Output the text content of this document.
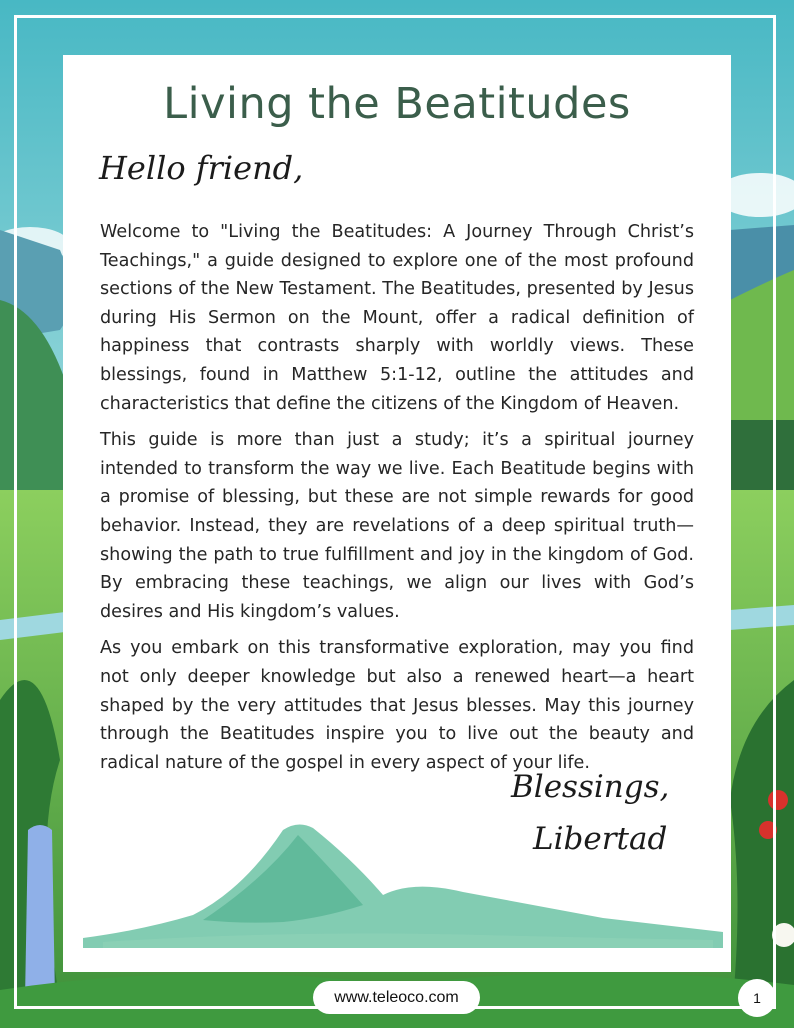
Living the Beatitudes
Hello friend,

Welcome to "Living the Beatitudes: A Journey Through Christ’s Teachings," a guide designed to explore one of the most profound sections of the New Testament. The Beatitudes, presented by Jesus during His Sermon on the Mount, offer a radical definition of happiness that contrasts sharply with worldly views. These blessings, found in Matthew 5:1-12, outline the attitudes and characteristics that define the citizens of the Kingdom of Heaven.

This guide is more than just a study; it’s a spiritual journey intended to transform the way we live. Each Beatitude begins with a promise of blessing, but these are not simple rewards for good behavior. Instead, they are revelations of a deep spiritual truth—showing the path to true fulfillment and joy in the kingdom of God. By embracing these teachings, we align our lives with God’s desires and His kingdom’s values.

As you embark on this transformative exploration, may you find not only deeper knowledge but also a renewed heart—a heart shaped by the very attitudes that Jesus blesses. May this journey through the Beatitudes inspire you to live out the beauty and radical nature of the gospel in every aspect of your life.

Blessings,
Libertad
www.teleoco.com	1
